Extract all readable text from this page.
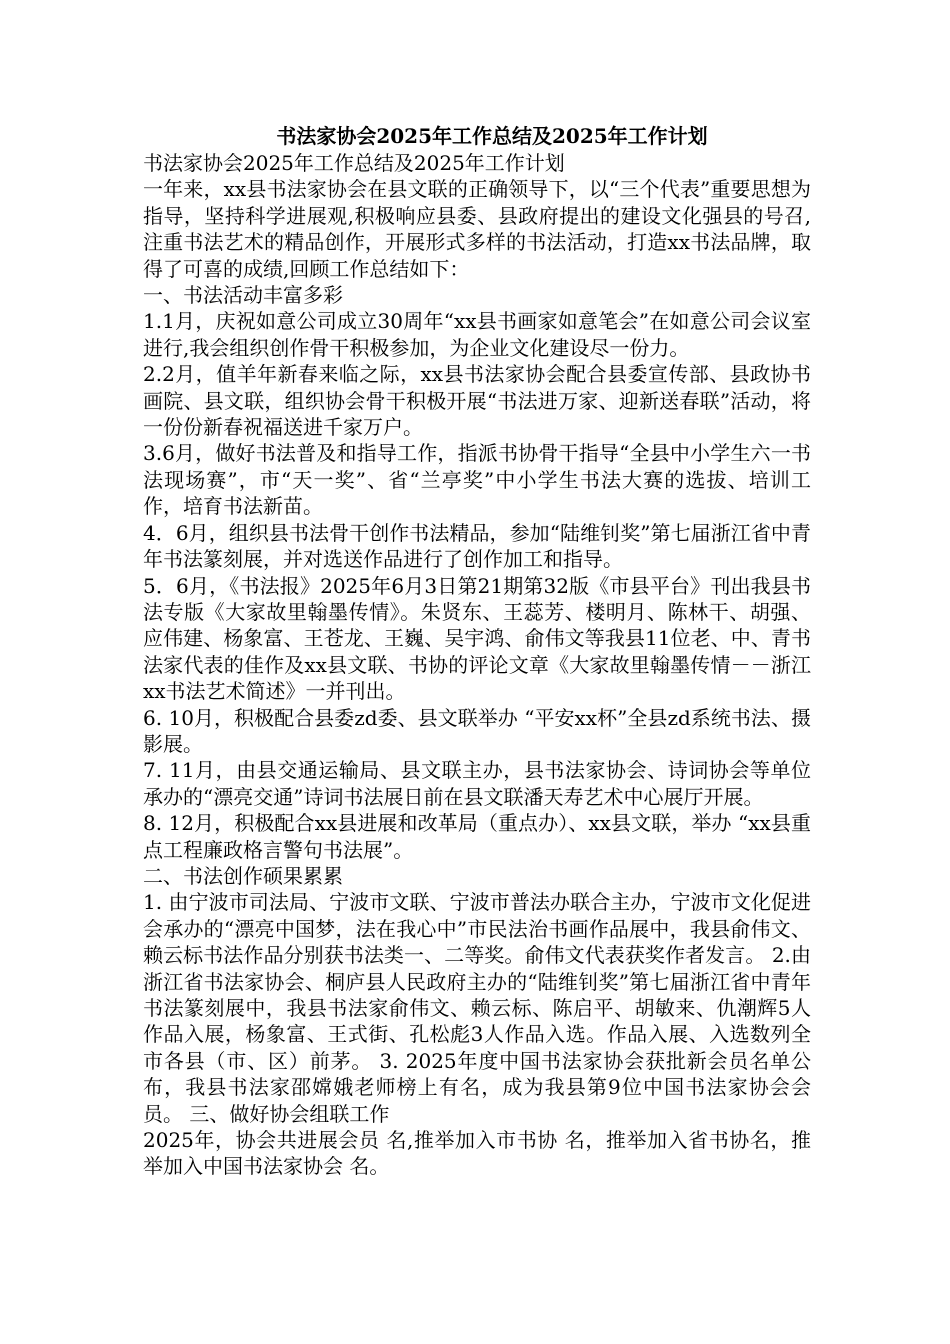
书法家协会2025年工作总结及2025年工作计划

书法家协会2025年工作总结及2025年工作计划

一年来，xx县书法家协会在县文联的正确领导下，以“三个代表”重要思想为指导，坚持科学进展观,积极响应县委、县政府提出的建设文化强县的号召,注重书法艺术的精品创作，开展形式多样的书法活动，打造xx书法品牌，取得了可喜的成绩,回顾工作总结如下：

一、书法活动丰富多彩

1.1月，庆祝如意公司成立30周年“xx县书画家如意笔会”在如意公司会议室进行,我会组织创作骨干积极参加，为企业文化建设尽一份力。

2.2月，值羊年新春来临之际，xx县书法家协会配合县委宣传部、县政协书画院、县文联，组织协会骨干积极开展“书法进万家、迎新送春联”活动，将一份份新春祝福送进千家万户。

3.6月，做好书法普及和指导工作，指派书协骨干指导“全县中小学生六一书法现场赛”，市“天一奖”、省“兰亭奖”中小学生书法大赛的选拔、培训工作，培育书法新苗。

4．6月，组织县书法骨干创作书法精品，参加“陆维钊奖”第七届浙江省中青年书法篆刻展，并对选送作品进行了创作加工和指导。

5．6月，《书法报》2025年6月3日第21期第32版《市县平台》刊出我县书法专版《大家故里翰墨传情》。朱贤东、王蕊芳、楼明月、陈林干、胡强、应伟建、杨象富、王苍龙、王巍、吴宇鸿、俞伟文等我县11位老、中、青书法家代表的佳作及xx县文联、书协的评论文章《大家故里翰墨传情－－浙江xx书法艺术简述》一并刊出。

6. 10月，积极配合县委zd委、县文联举办 “平安xx杯”全县zd系统书法、摄影展。

7. 11月，由县交通运输局、县文联主办，县书法家协会、诗词协会等单位承办的“漂亮交通”诗词书法展日前在县文联潘天寿艺术中心展厅开展。

8. 12月，积极配合xx县进展和改革局（重点办）、xx县文联，举办 “xx县重点工程廉政格言警句书法展”。

二、书法创作硕果累累

1. 由宁波市司法局、宁波市文联、宁波市普法办联合主办，宁波市文化促进会承办的“漂亮中国梦，法在我心中”市民法治书画作品展中，我县俞伟文、赖云标书法作品分别获书法类一、二等奖。俞伟文代表获奖作者发言。 2.由浙江省书法家协会、桐庐县人民政府主办的“陆维钊奖”第七届浙江省中青年书法篆刻展中，我县书法家俞伟文、赖云标、陈启平、胡敏来、仇潮辉5人作品入展，杨象富、王式街、孔松彪3人作品入选。作品入展、入选数列全市各县（市、区）前茅。 3. 2025年度中国书法家协会获批新会员名单公布，我县书法家邵嫦娥老师榜上有名，成为我县第9位中国书法家协会会员。 三、做好协会组联工作

2025年，协会共进展会员 名,推举加入市书协 名，推举加入省书协名，推举加入中国书法家协会 名。
